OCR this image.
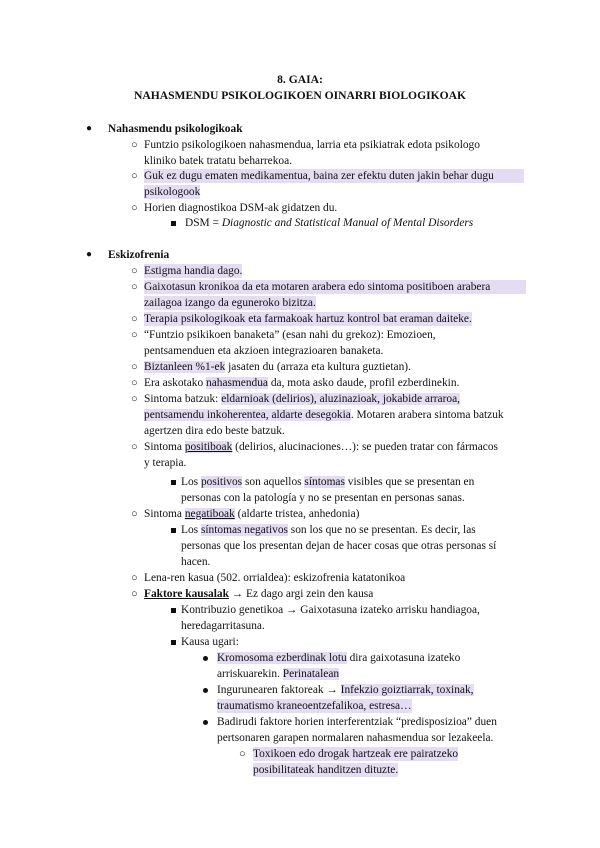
8. GAIA:
NAHASMENDU PSIKOLOGIKOEN OINARRI BIOLOGIKOAK
● Nahasmendu psikologikoak
○ Funtzio psikologikoen nahasmendua, larria eta psikiatrak edota psikologo
kliniko batek tratatu beharrekoa.
○ Guk ez dugu ematen medikamentua, baina zer efektu duten jakin behar dugu
psikologook
○ Horien diagnostikoa DSM-ak gidatzen du.
DSM = Diagnostic and Statistical Manual of Mental Disorders
● Eskizofrenia
○ Estigma handia dago.
○ Gaixotasun kronikoa da eta motaren arabera edo sintoma positiboen arabera
zailagoa izango da eguneroko bizitza.
○ Terapia psikologikoak eta farmakoak hartuz kontrol bat eraman daiteke.
○ “Funtzio psikikoen banaketa” (esan nahi du grekoz): Emozioen,
pentsamenduen eta akzioen integrazioaren banaketa.
○ Biztanleen %1-ek jasaten du (arraza eta kultura guztietan).
○ Era askotako nahasmendua da, mota asko daude, profil ezberdinekin.
○ Sintoma batzuk: eldarnioak (delirios), aluzinazioak, jokabide arraroa,
pentsamendu inkoherentea, aldarte desegokia. Motaren arabera sintoma batzuk
agertzen dira edo beste batzuk.
○ Sintoma positiboak (delirios, alucinaciones…): se pueden tratar con fármacos
y terapia.
Los positivos son aquellos síntomas visibles que se presentan en
personas con la patología y no se presentan en personas sanas.
○ Sintoma negatiboak (aldarte tristea, anhedonia)
Los síntomas negativos son los que no se presentan. Es decir, las
personas que los presentan dejan de hacer cosas que otras personas sí
hacen.
○ Lena-ren kasua (502. orrialdea): eskizofrenia katatonikoa
○ Faktore kausalak → Ez dago argi zein den kausa
Kontribuzio genetikoa → Gaixotasuna izateko arrisku handiagoa,
heredagarritasuna.
Kausa ugari:
Kromosoma ezberdinak lotu dira gaixotasuna izateko
arriskuarekin. Perinatalean
Ingurunearen faktoreak → Infekzio goiztiarrak, toxinak,
traumatismo kraneoentzefalikoa, estresa…
Badirudi faktore horien interferentziak “predisposizioa” duen
pertsonaren garapen normalaren nahasmendua sor lezakeela.
○ Toxikoen edo drogak hartzeak ere pairatzeko
posibilitateak handitzen dituzte.
